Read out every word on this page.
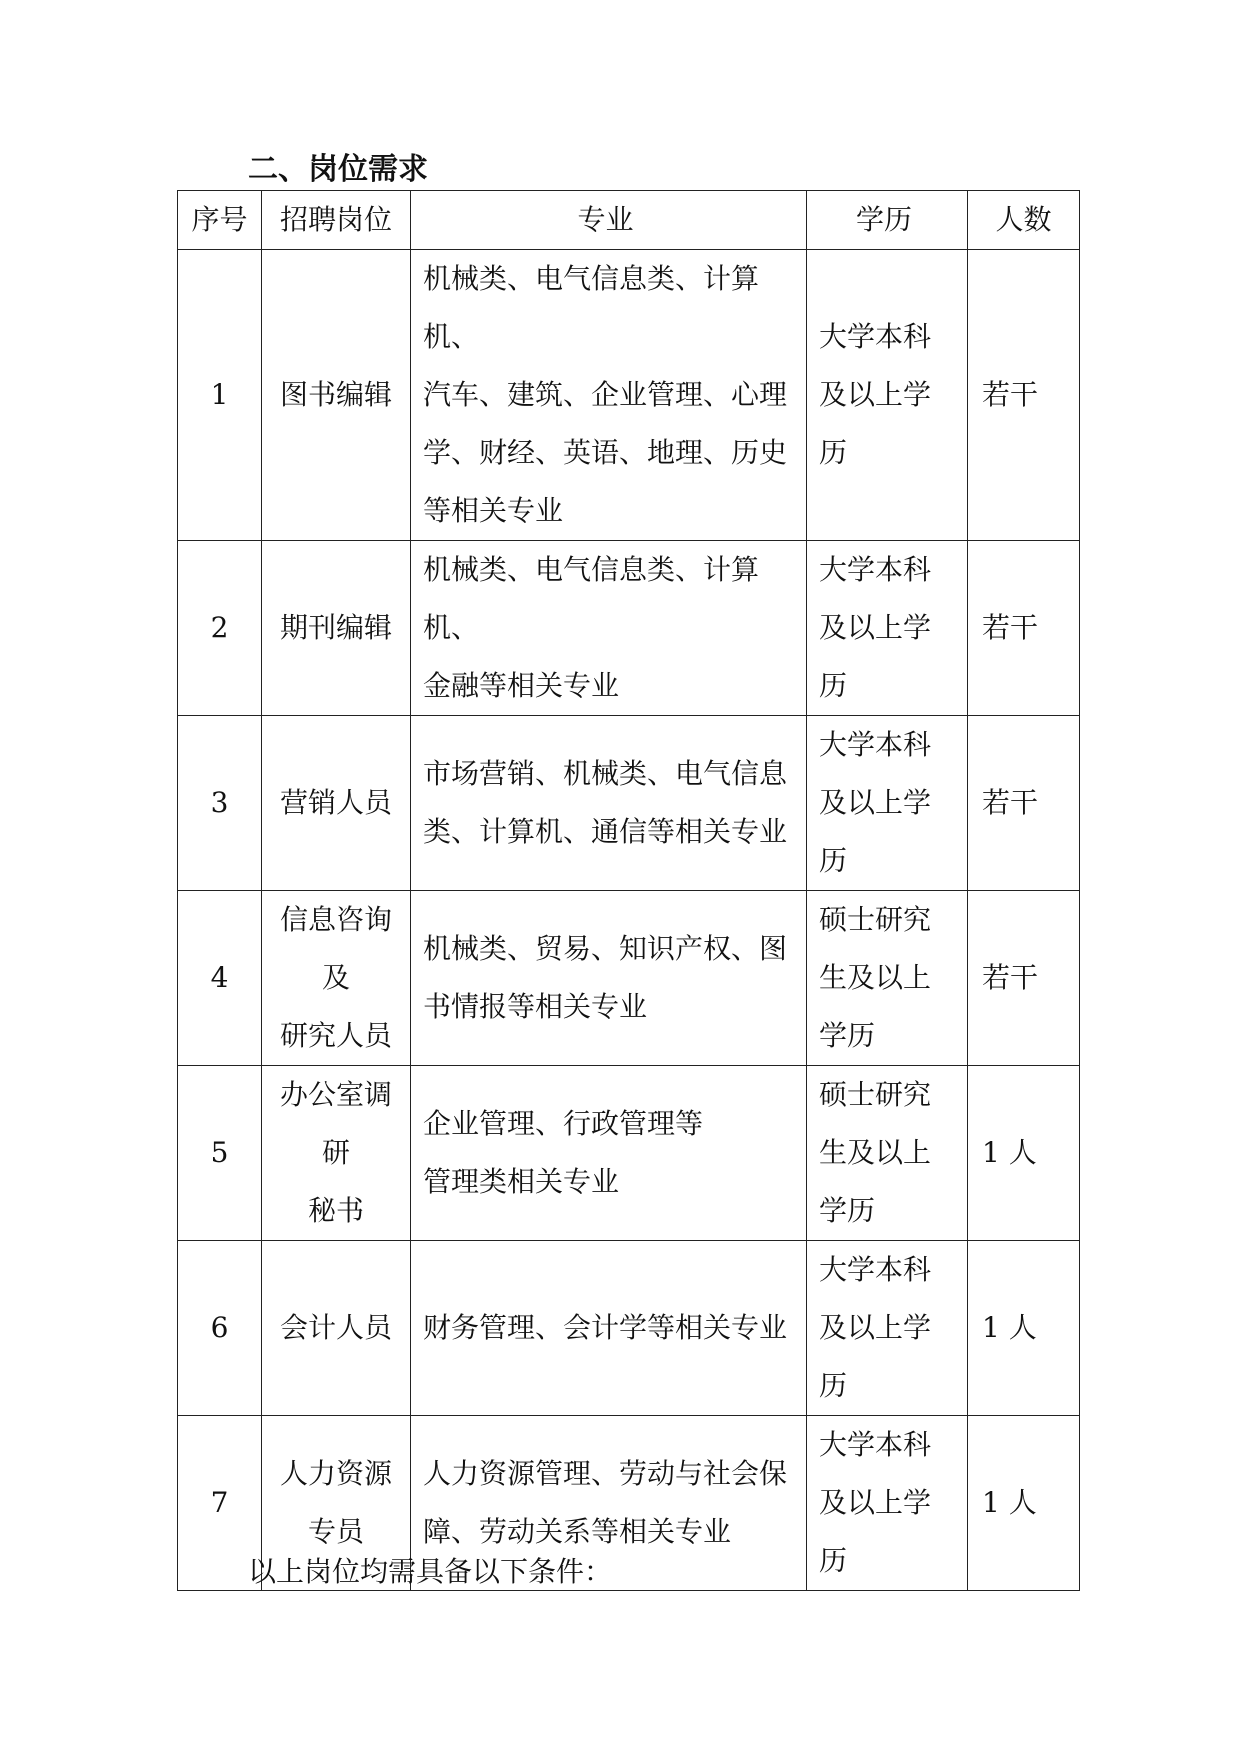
二、岗位需求
序号	招聘岗位	专业	学历	人数
1	图书编辑	机械类、电气信息类、计算机、
汽车、建筑、企业管理、心理
学、财经、英语、地理、历史
等相关专业	大学本科
及以上学
历	若干
2	期刊编辑	机械类、电气信息类、计算机、
金融等相关专业	大学本科
及以上学
历	若干
3	营销人员	市场营销、机械类、电气信息
类、计算机、通信等相关专业	大学本科
及以上学
历	若干
4	信息咨询
及
研究人员	机械类、贸易、知识产权、图
书情报等相关专业	硕士研究
生及以上
学历	若干
5	办公室调
研
秘书	企业管理、行政管理等
管理类相关专业	硕士研究
生及以上
学历	1 人
6	会计人员	财务管理、会计学等相关专业	大学本科
及以上学
历	1 人
7	人力资源
专员	人力资源管理、劳动与社会保
障、劳动关系等相关专业	大学本科
及以上学
历	1 人
以上岗位均需具备以下条件：
